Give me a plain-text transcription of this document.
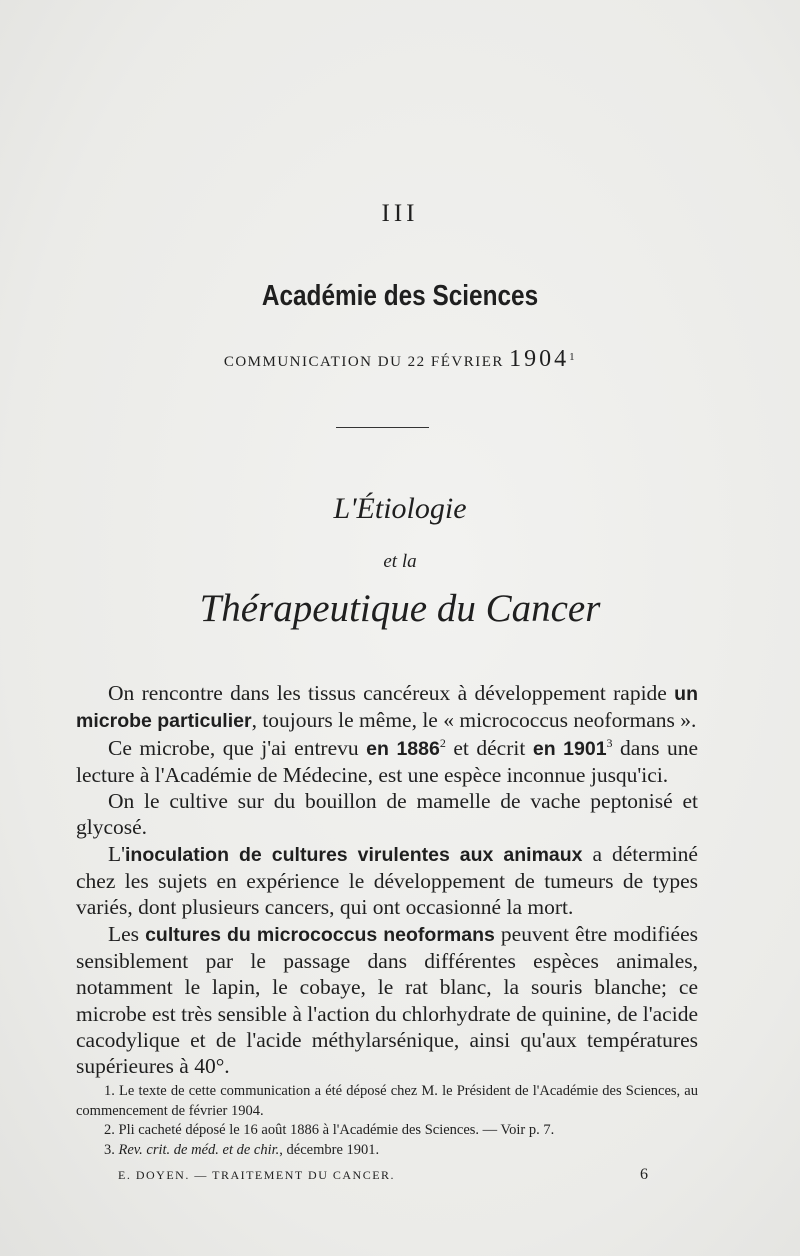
III
Académie des Sciences
COMMUNICATION DU 22 FÉVRIER 1904$^1$
L'Étiologie
et la
Thérapeutique du Cancer

On rencontre dans les tissus cancéreux à développement rapide un microbe particulier, toujours le même, le « micrococcus neoformans ».

Ce microbe, que j'ai entrevu en 1886$^2$ et décrit en 1901$^3$ dans une lecture à l'Académie de Médecine, est une espèce inconnue jusqu'ici.

On le cultive sur du bouillon de mamelle de vache peptonisé et glycosé.

L'inoculation de cultures virulentes aux animaux a déterminé chez les sujets en expérience le développement de tumeurs de types variés, dont plusieurs cancers, qui ont occasionné la mort.

Les cultures du micrococcus neoformans peuvent être modifiées sensiblement par le passage dans différentes espèces animales, notamment le lapin, le cobaye, le rat blanc, la souris blanche; ce microbe est très sensible à l'action du chlorhydrate de quinine, de l'acide cacodylique et de l'acide méthylarsénique, ainsi qu'aux températures supérieures à 40°.

1. Le texte de cette communication a été déposé chez M. le Président de l'Académie des Sciences, au commencement de février 1904.

2. Pli cacheté déposé le 16 août 1886 à l'Académie des Sciences. — Voir p. 7.

3. Rev. crit. de méd. et de chir., décembre 1901.

E. DOYEN. — TRAITEMENT DU CANCER.	6
